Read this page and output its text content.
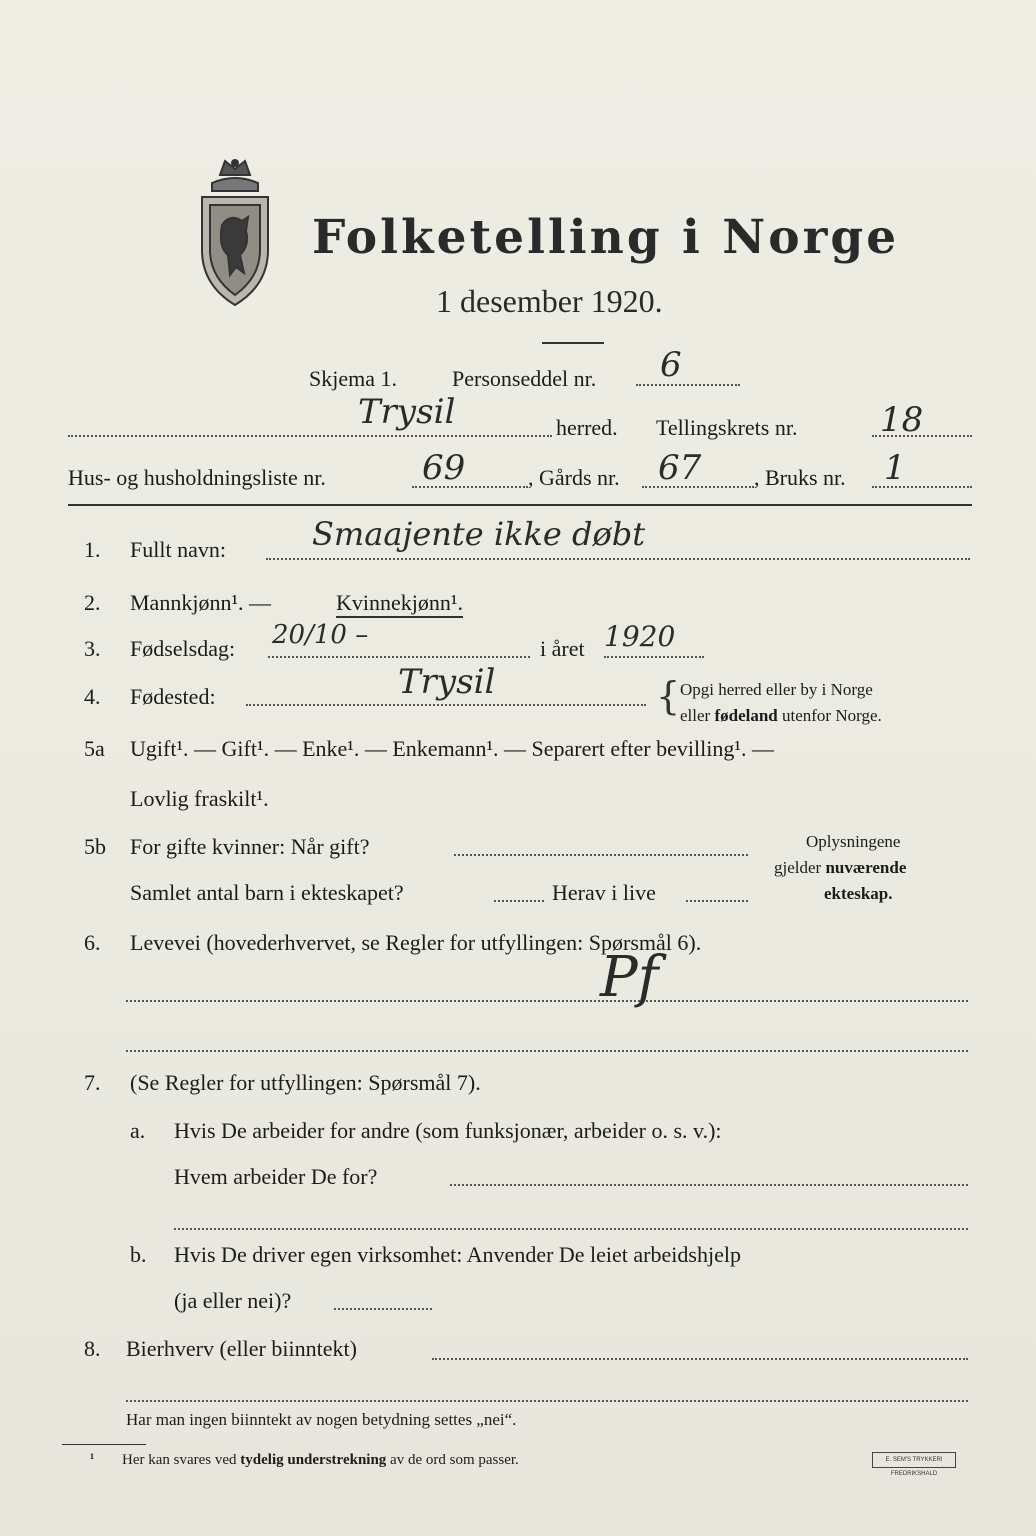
Folketelling i Norge
1 desember 1920.
Skjema 1.	Personseddel nr. 6
Trysil	herred. Tellingskrets nr. 18
Hus- og husholdningsliste nr.	69	, Gårds nr. 67 , Bruks nr. 1
1. Fullt navn:	Smaajente ikke døbt
2. Mannkjønn¹. —	Kvinnekjønn¹.
3. Fødselsdag: 20/10 –	i året 1920
4. Fødested:	Trysil	{ Opgi herred eller by i Norge
eller fødeland utenfor Norge.
5a Ugift¹. — Gift¹. — Enke¹. — Enkemann¹. — Separert efter bevilling¹. —
Lovlig fraskilt¹.
5b For gifte kvinner: Når gift?
Samlet antal barn i ekteskapet?	Herav i live
Oplysningene
gjelder nuværende
ekteskap.
6. Levevei (hovederhvervet, se Regler for utfyllingen: Spørsmål 6).
Pf
7. (Se Regler for utfyllingen: Spørsmål 7).
a. Hvis De arbeider for andre (som funksjonær, arbeider o. s. v.):
Hvem arbeider De for?
b. Hvis De driver egen virksomhet: Anvender De leiet arbeidshjelp
(ja eller nei)?
8. Bierhverv (eller biinntekt)
Har man ingen biinntekt av nogen betydning settes „nei“.
¹ Her kan svares ved tydelig understrekning av de ord som passer.	E. SEM'S TRYKKERI FREDRIKSHALD
